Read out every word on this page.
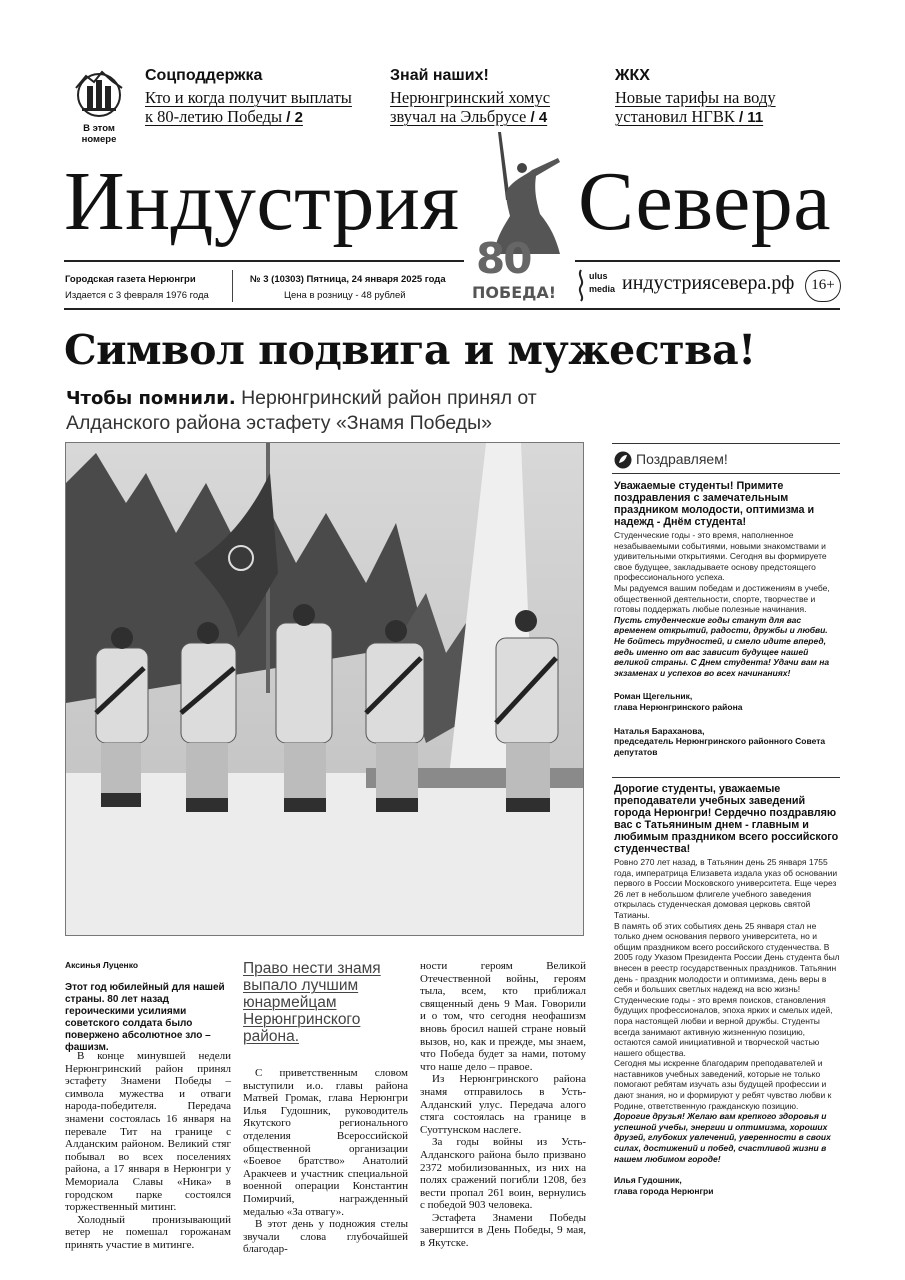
В этом
номере
Соцподдержка
Кто и когда получит выплаты
к 80-летию Победы / 2
Знай наших!
Нерюнгринский хомус
звучал на Эльбрусе / 4
ЖКХ
Новые тарифы на воду
установил НГВК / 11
Индустрия Севера
80
ПОБЕДА!
Городская газета Нерюнгри
Издается с 3 февраля 1976 года
№ 3 (10303) Пятница, 24 января 2025 года
Цена в розницу - 48 рублей
ulus
media индустриясевера.рф	16+
Символ подвига и мужества!
Чтобы помнили. Нерюнгринский район принял от
Алданского района эстафету «Знамя Победы»
Аксинья Луценко
Этот год юбилейный для нашей страны. 80 лет назад героическими усилиями советского солдата было повержено абсолютное зло – фашизм.

В конце минувшей недели Нерюнгринский район принял эстафету Знамени Победы – символа мужества и отваги народа-победителя. Передача знамени состоялась 16 января на перевале Тит на границе с Алданским районом. Великий стяг побывал во всех поселениях района, а 17 января в Нерюнгри у Мемориала Славы «Ника» в городском парке состоялся торжественный митинг.

Холодный пронизывающий ветер не помешал горожанам принять участие в митинге.

Право нести знамя
выпало лучшим
юнармейцам
Нерюнгринского
района.

С приветственным словом выступили и.о. главы района Матвей Громак, глава Нерюнгри Илья Гудошник, руководитель Якутского регионального отделения Всероссийской общественной организации «Боевое братство» Анатолий Аракчеев и участник специальной военной операции Константин Помирчий, награжденный медалью «За отвагу».

В этот день у подножия стелы звучали слова глубочайшей благодар-

ности героям Великой Отечественной войны, героям тыла, всем, кто приближал священный день 9 Мая. Говорили и о том, что сегодня неофашизм вновь бросил нашей стране новый вызов, но, как и прежде, мы знаем, что Победа будет за нами, потому что наше дело – правое.

Из Нерюнгринского района знамя отправилось в Усть-Алданский улус. Передача алого стяга состоялась на границе в Суоттунском наслеге.

За годы войны из Усть-Алданского района было призвано 2372 мобилизованных, из них на полях сражений погибли 1208, без вести пропал 261 воин, вернулись с победой 903 человека.

Эстафета Знамени Победы завершится в День Победы, 9 мая, в Якутске.

Поздравляем!
Уважаемые студенты! Примите поздравления с замечательным праздником молодости, оптимизма и надежд - Днём студента!
Студенческие годы - это время, наполненное незабываемыми событиями, новыми знакомствами и удивительными открытиями. Сегодня вы формируете свое будущее, закладываете основу предстоящего профессионального успеха.
Мы радуемся вашим победам и достижениям в учебе, общественной деятельности, спорте, творчестве и готовы поддержать любые полезные начинания.
Пусть студенческие годы станут для вас временем открытий, радости, дружбы и любви. Не бойтесь трудностей, и смело идите вперед, ведь именно от вас зависит будущее нашей великой страны. С Днем студента! Удачи вам на экзаменах и успехов во всех начинаниях!
Роман Щегельник,
глава Нерюнгринского района
Наталья Бараханова,
председатель Нерюнгринского районного Совета депутатов
Дорогие студенты, уважаемые преподаватели учебных заведений города Нерюнгри! Сердечно поздравляю вас с Татьяниным днем - главным и любимым праздником всего российского студенчества!
Ровно 270 лет назад, в Татьянин день 25 января 1755 года, императрица Елизавета издала указ об основании первого в России Московского университета. Еще через 26 лет в небольшом флигеле учебного заведения открылась студенческая домовая церковь святой Татианы.
В память об этих событиях день 25 января стал не только днем основания первого университета, но и общим праздником всего российского студенчества. В 2005 году Указом Президента России День студента был внесен в реестр государственных праздников. Татьянин день - праздник молодости и оптимизма, день веры в себя и больших светлых надежд на всю жизнь! Студенческие годы - это время поисков, становления будущих профессионалов, эпоха ярких и смелых идей, пора настоящей любви и верной дружбы. Студенты всегда занимают активную жизненную позицию, остаются самой инициативной и творческой частью нашего общества.
Сегодня мы искренне благодарим преподавателей и наставников учебных заведений, которые не только помогают ребятам изучать азы будущей профессии и дают знания, но и формируют у ребят чувство любви к Родине, ответственную гражданскую позицию.
Дорогие друзья! Желаю вам крепкого здоровья и успешной учебы, энергии и оптимизма, хороших друзей, глубоких увлечений, уверенности в своих силах, достижений и побед, счастливой жизни в нашем любимом городе!
Илья Гудошник,
глава города Нерюнгри
